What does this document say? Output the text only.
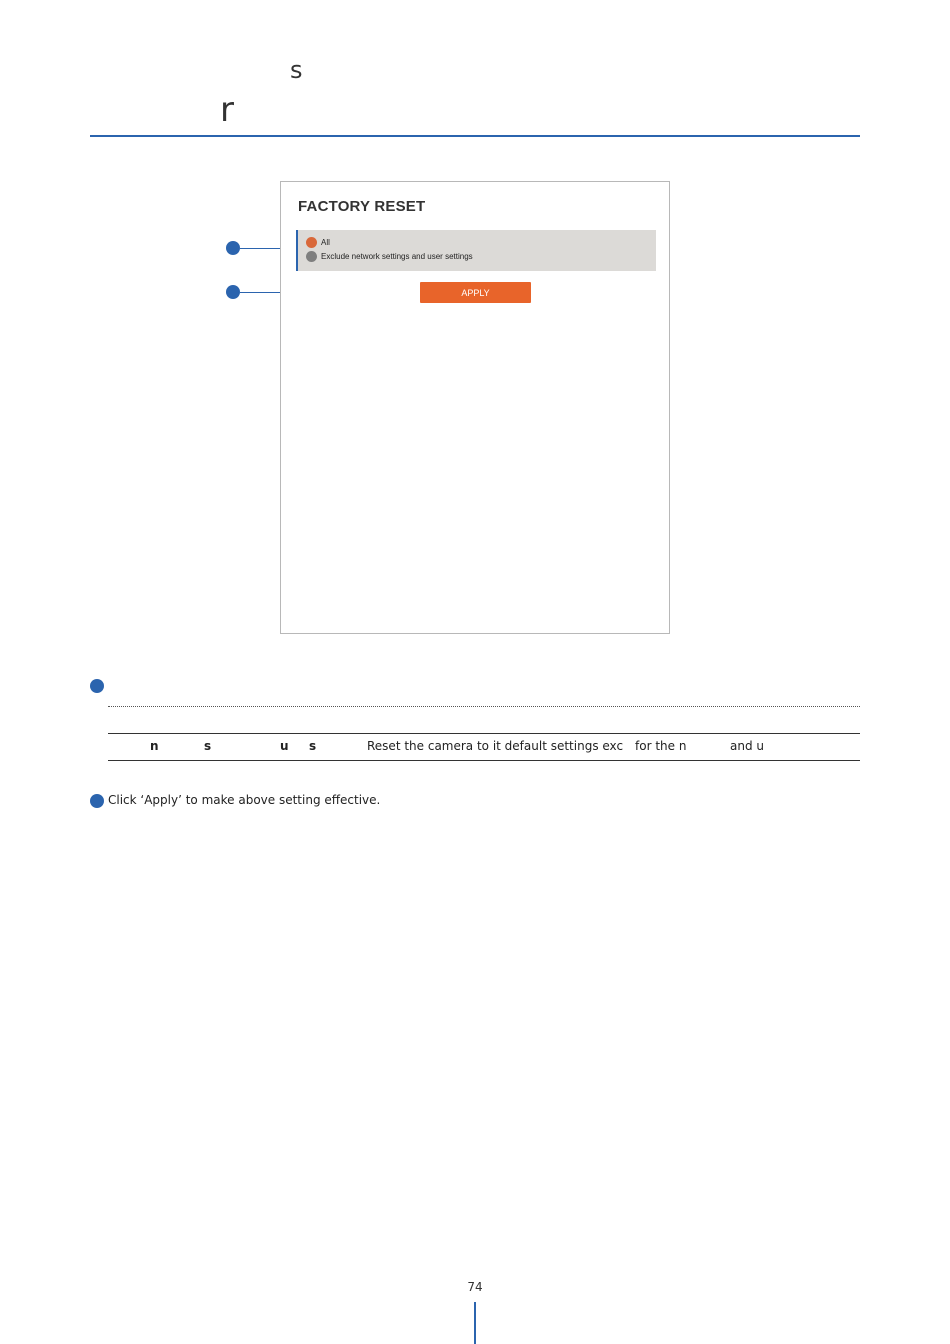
s
r
FACTORY RESET
All
Exclude network settings and user settings
APPLY
n	s	u s	Reset the camera to it default settings exc for the n	and u
Click ‘Apply’ to make above setting effective.
74
